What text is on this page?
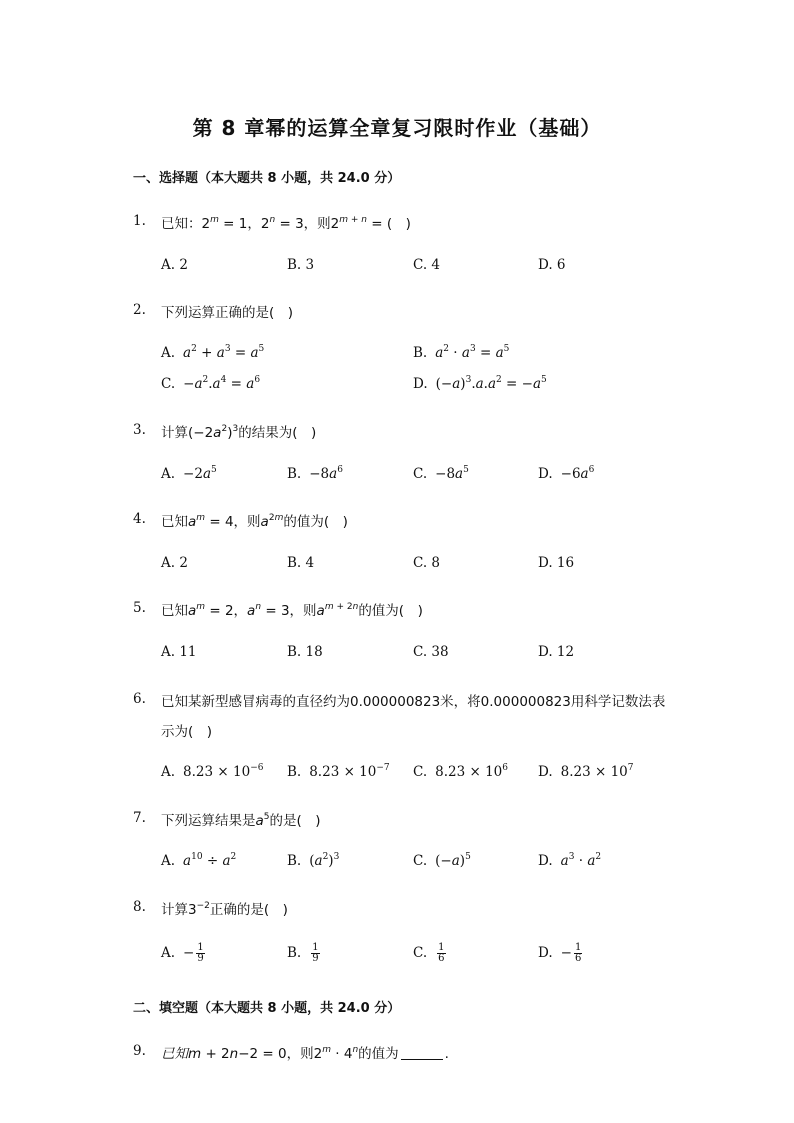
第 8 章幂的运算全章复习限时作业（基础）
一、选择题（本大题共 8 小题，共 24.0 分）
1. 已知：$2^m = 1$，$2^n = 3$，则$2^{m + n}$ = (　)
A. 2	B. 3	C. 4	D. 6
2. 下列运算正确的是(　)
A. $a^2 + a^3 = a^5$	B. $a^2 \cdot a^3 = a^5$
C. $-a^2.a^4 = a^6$	D. $(-a)^3.a.a^2 = -a^5$
3. 计算$(-2a^2)^3$的结果为(　)
A. $-2a^5$	B. $-8a^6$	C. $-8a^5$	D. $-6a^6$
4. 已知$a^m = 4$，则$a^{2m}$的值为(　)
A. 2	B. 4	C. 8	D. 16
5. 已知$a^m = 2$，$a^n = 3$，则$a^{m + 2n}$的值为(　)
A. 11	B. 18	C. 38	D. 12
6. 已知某新型感冒病毒的直径约为0.000000823米，将0.000000823用科学记数法表
示为(　)
A. $8.23 \times 10^{-6}$ B. $8.23 \times 10^{-7}$ C. $8.23 \times 10^6$ D. $8.23 \times 10^7$
7. 下列运算结果是$a^5$的是(　)
A. $a^{10} \div a^2$	B. $(a^2)^3$	C. $(-a)^5$	D. $a^3 \cdot a^2$
8. 计算$3^{-2}$正确的是(　)
A. − $\frac{1}{9}$	B. $\frac{1}{9}$	C. $\frac{1}{6}$	D. − $\frac{1}{6}$
二、填空题（本大题共 8 小题，共 24.0 分）
9. 已知m + 2n−2 = 0，则$2^m \cdot 4^n$的值为	.
